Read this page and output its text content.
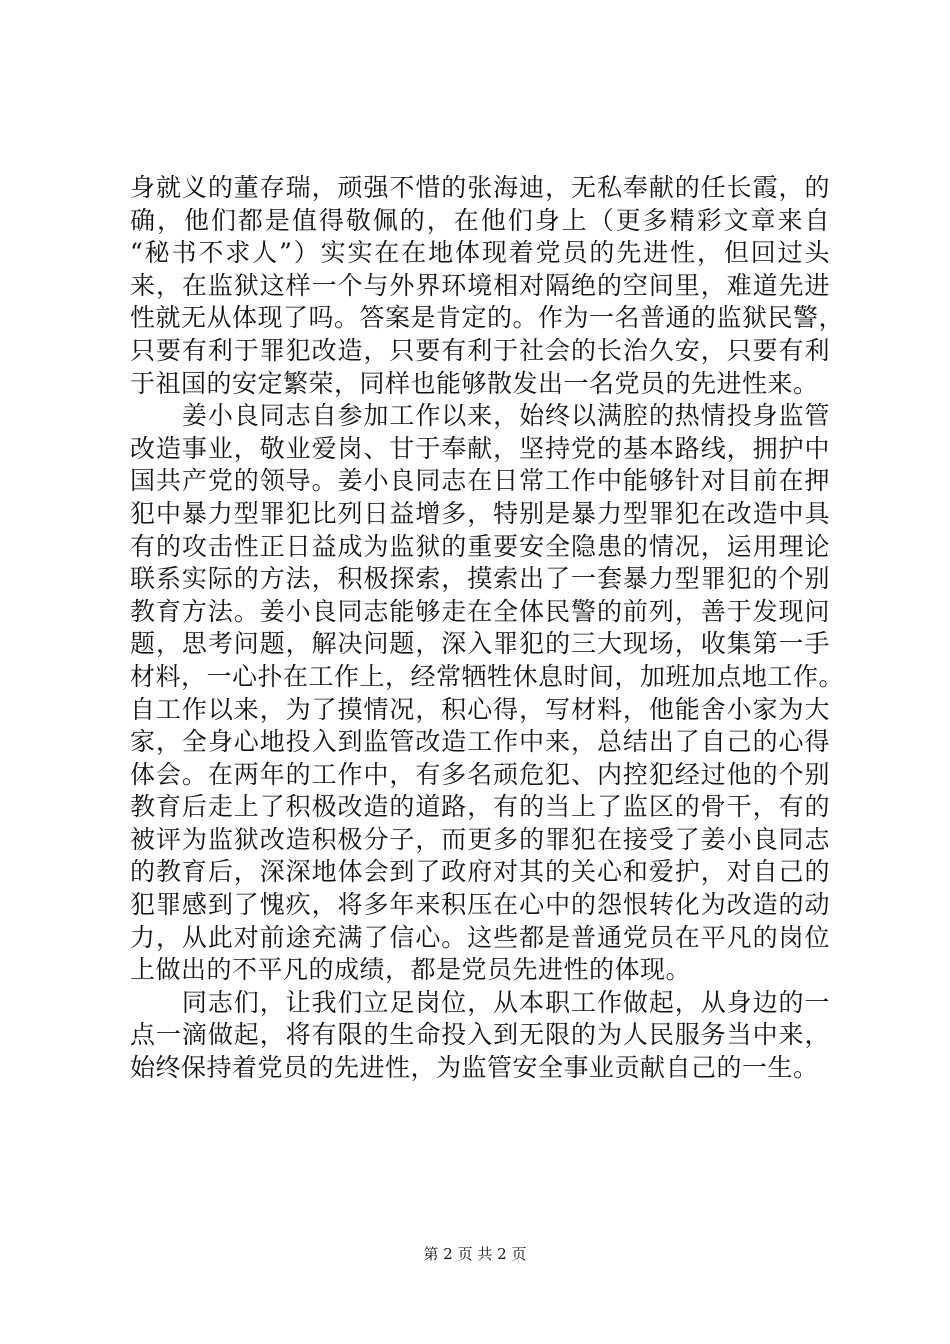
身就义的董存瑞，顽强不惜的张海迪，无私奉献的任长霞，的
确，他们都是值得敬佩的，在他们身上（更多精彩文章来自
“秘书不求人”）实实在在地体现着党员的先进性，但回过头
来，在监狱这样一个与外界环境相对隔绝的空间里，难道先进
性就无从体现了吗。答案是肯定的。作为一名普通的监狱民警，
只要有利于罪犯改造，只要有利于社会的长治久安，只要有利
于祖国的安定繁荣，同样也能够散发出一名党员的先进性来。
　　姜小良同志自参加工作以来，始终以满腔的热情投身监管
改造事业，敬业爱岗、甘于奉献，坚持党的基本路线，拥护中
国共产党的领导。姜小良同志在日常工作中能够针对目前在押
犯中暴力型罪犯比列日益增多，特别是暴力型罪犯在改造中具
有的攻击性正日益成为监狱的重要安全隐患的情况，运用理论
联系实际的方法，积极探索，摸索出了一套暴力型罪犯的个别
教育方法。姜小良同志能够走在全体民警的前列，善于发现问
题，思考问题，解决问题，深入罪犯的三大现场，收集第一手
材料，一心扑在工作上，经常牺牲休息时间，加班加点地工作。
自工作以来，为了摸情况，积心得，写材料，他能舍小家为大
家，全身心地投入到监管改造工作中来，总结出了自己的心得
体会。在两年的工作中，有多名顽危犯、内控犯经过他的个别
教育后走上了积极改造的道路，有的当上了监区的骨干，有的
被评为监狱改造积极分子，而更多的罪犯在接受了姜小良同志
的教育后，深深地体会到了政府对其的关心和爱护，对自己的
犯罪感到了愧疚，将多年来积压在心中的怨恨转化为改造的动
力，从此对前途充满了信心。这些都是普通党员在平凡的岗位
上做出的不平凡的成绩，都是党员先进性的体现。
　　同志们，让我们立足岗位，从本职工作做起，从身边的一
点一滴做起，将有限的生命投入到无限的为人民服务当中来，
始终保持着党员的先进性，为监管安全事业贡献自己的一生。
第 2 页 共 2 页
